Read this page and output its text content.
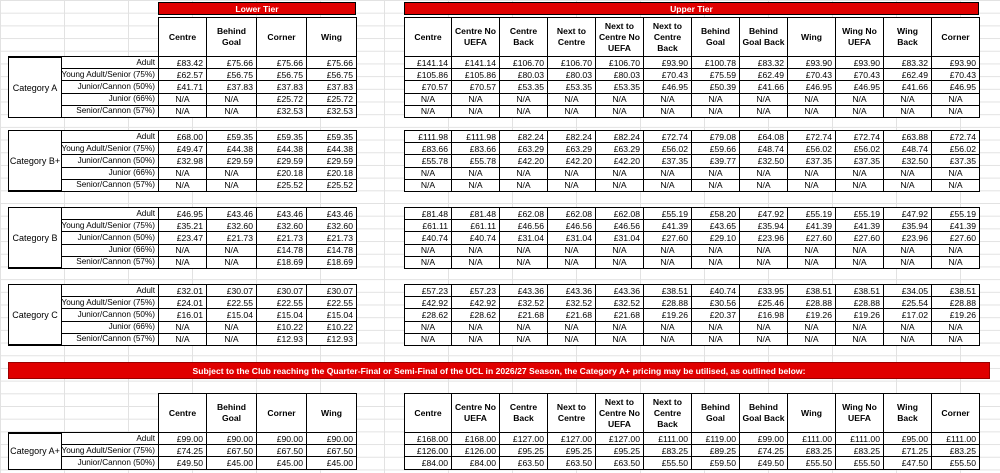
Lower Tier	Upper Tier
	Centre	Behind Goal	Corner	Wing
Adult	£83.42	£75.66	£75.66	£75.66
Young Adult/Senior (75%)	£62.57	£56.75	£56.75	£56.75
Junior/Cannon (50%)	£41.71	£37.83	£37.83	£37.83
Junior (66%)	N/A	N/A	£25.72	£25.72
Senior/Cannon (57%)	N/A	N/A	£32.53	£32.53
Category A
Centre	Centre No UEFA	Centre Back	Next to Centre	Next to Centre No UEFA	Next to Centre Back	Behind Goal	Behind Goal Back	Wing	Wing No UEFA	Wing Back	Corner
£141.14	£141.14	£106.70	£106.70	£106.70	£93.90	£100.78	£83.32	£93.90	£93.90	£83.32	£93.90
£105.86	£105.86	£80.03	£80.03	£80.03	£70.43	£75.59	£62.49	£70.43	£70.43	£62.49	£70.43
£70.57	£70.57	£53.35	£53.35	£53.35	£46.95	£50.39	£41.66	£46.95	£46.95	£41.66	£46.95
N/A	N/A	N/A	N/A	N/A	N/A	N/A	N/A	N/A	N/A	N/A	N/A
N/A	N/A	N/A	N/A	N/A	N/A	N/A	N/A	N/A	N/A	N/A	N/A
Adult	£68.00	£59.35	£59.35	£59.35
Young Adult/Senior (75%)	£49.47	£44.38	£44.38	£44.38
Junior/Cannon (50%)	£32.98	£29.59	£29.59	£29.59
Junior (66%)	N/A	N/A	£20.18	£20.18
Senior/Cannon (57%)	N/A	N/A	£25.52	£25.52
Category B+
£111.98	£111.98	£82.24	£82.24	£82.24	£72.74	£79.08	£64.08	£72.74	£72.74	£63.88	£72.74
£83.66	£83.66	£63.29	£63.29	£63.29	£56.02	£59.66	£48.74	£56.02	£56.02	£48.74	£56.02
£55.78	£55.78	£42.20	£42.20	£42.20	£37.35	£39.77	£32.50	£37.35	£37.35	£32.50	£37.35
N/A	N/A	N/A	N/A	N/A	N/A	N/A	N/A	N/A	N/A	N/A	N/A
N/A	N/A	N/A	N/A	N/A	N/A	N/A	N/A	N/A	N/A	N/A	N/A
Adult	£46.95	£43.46	£43.46	£43.46
Young Adult/Senior (75%)	£35.21	£32.60	£32.60	£32.60
Junior/Cannon (50%)	£23.47	£21.73	£21.73	£21.73
Junior (66%)	N/A	N/A	£14.78	£14.78
Senior/Cannon (57%)	N/A	N/A	£18.69	£18.69
Category B
£81.48	£81.48	£62.08	£62.08	£62.08	£55.19	£58.20	£47.92	£55.19	£55.19	£47.92	£55.19
£61.11	£61.11	£46.56	£46.56	£46.56	£41.39	£43.65	£35.94	£41.39	£41.39	£35.94	£41.39
£40.74	£40.74	£31.04	£31.04	£31.04	£27.60	£29.10	£23.96	£27.60	£27.60	£23.96	£27.60
N/A	N/A	N/A	N/A	N/A	N/A	N/A	N/A	N/A	N/A	N/A	N/A
N/A	N/A	N/A	N/A	N/A	N/A	N/A	N/A	N/A	N/A	N/A	N/A
Adult	£32.01	£30.07	£30.07	£30.07
Young Adult/Senior (75%)	£24.01	£22.55	£22.55	£22.55
Junior/Cannon (50%)	£16.01	£15.04	£15.04	£15.04
Junior (66%)	N/A	N/A	£10.22	£10.22
Senior/Cannon (57%)	N/A	N/A	£12.93	£12.93
Category C
£57.23	£57.23	£43.36	£43.36	£43.36	£38.51	£40.74	£33.95	£38.51	£38.51	£34.05	£38.51
£42.92	£42.92	£32.52	£32.52	£32.52	£28.88	£30.56	£25.46	£28.88	£28.88	£25.54	£28.88
£28.62	£28.62	£21.68	£21.68	£21.68	£19.26	£20.37	£16.98	£19.26	£19.26	£17.02	£19.26
N/A	N/A	N/A	N/A	N/A	N/A	N/A	N/A	N/A	N/A	N/A	N/A
N/A	N/A	N/A	N/A	N/A	N/A	N/A	N/A	N/A	N/A	N/A	N/A
	Centre	Behind Goal	Corner	Wing
Adult	£99.00	£90.00	£90.00	£90.00
Young Adult/Senior (75%)	£74.25	£67.50	£67.50	£67.50
Junior/Cannon (50%)	£49.50	£45.00	£45.00	£45.00
Category A+
Centre	Centre No UEFA	Centre Back	Next to Centre	Next to Centre No UEFA	Next to Centre Back	Behind Goal	Behind Goal Back	Wing	Wing No UEFA	Wing Back	Corner
£168.00	£168.00	£127.00	£127.00	£127.00	£111.00	£119.00	£99.00	£111.00	£111.00	£95.00	£111.00
£126.00	£126.00	£95.25	£95.25	£95.25	£83.25	£89.25	£74.25	£83.25	£83.25	£71.25	£83.25
£84.00	£84.00	£63.50	£63.50	£63.50	£55.50	£59.50	£49.50	£55.50	£55.50	£47.50	£55.50
Subject to the Club reaching the Quarter-Final or Semi-Final of the UCL in 2026/27 Season, the Category A+ pricing may be utilised, as outlined below:
